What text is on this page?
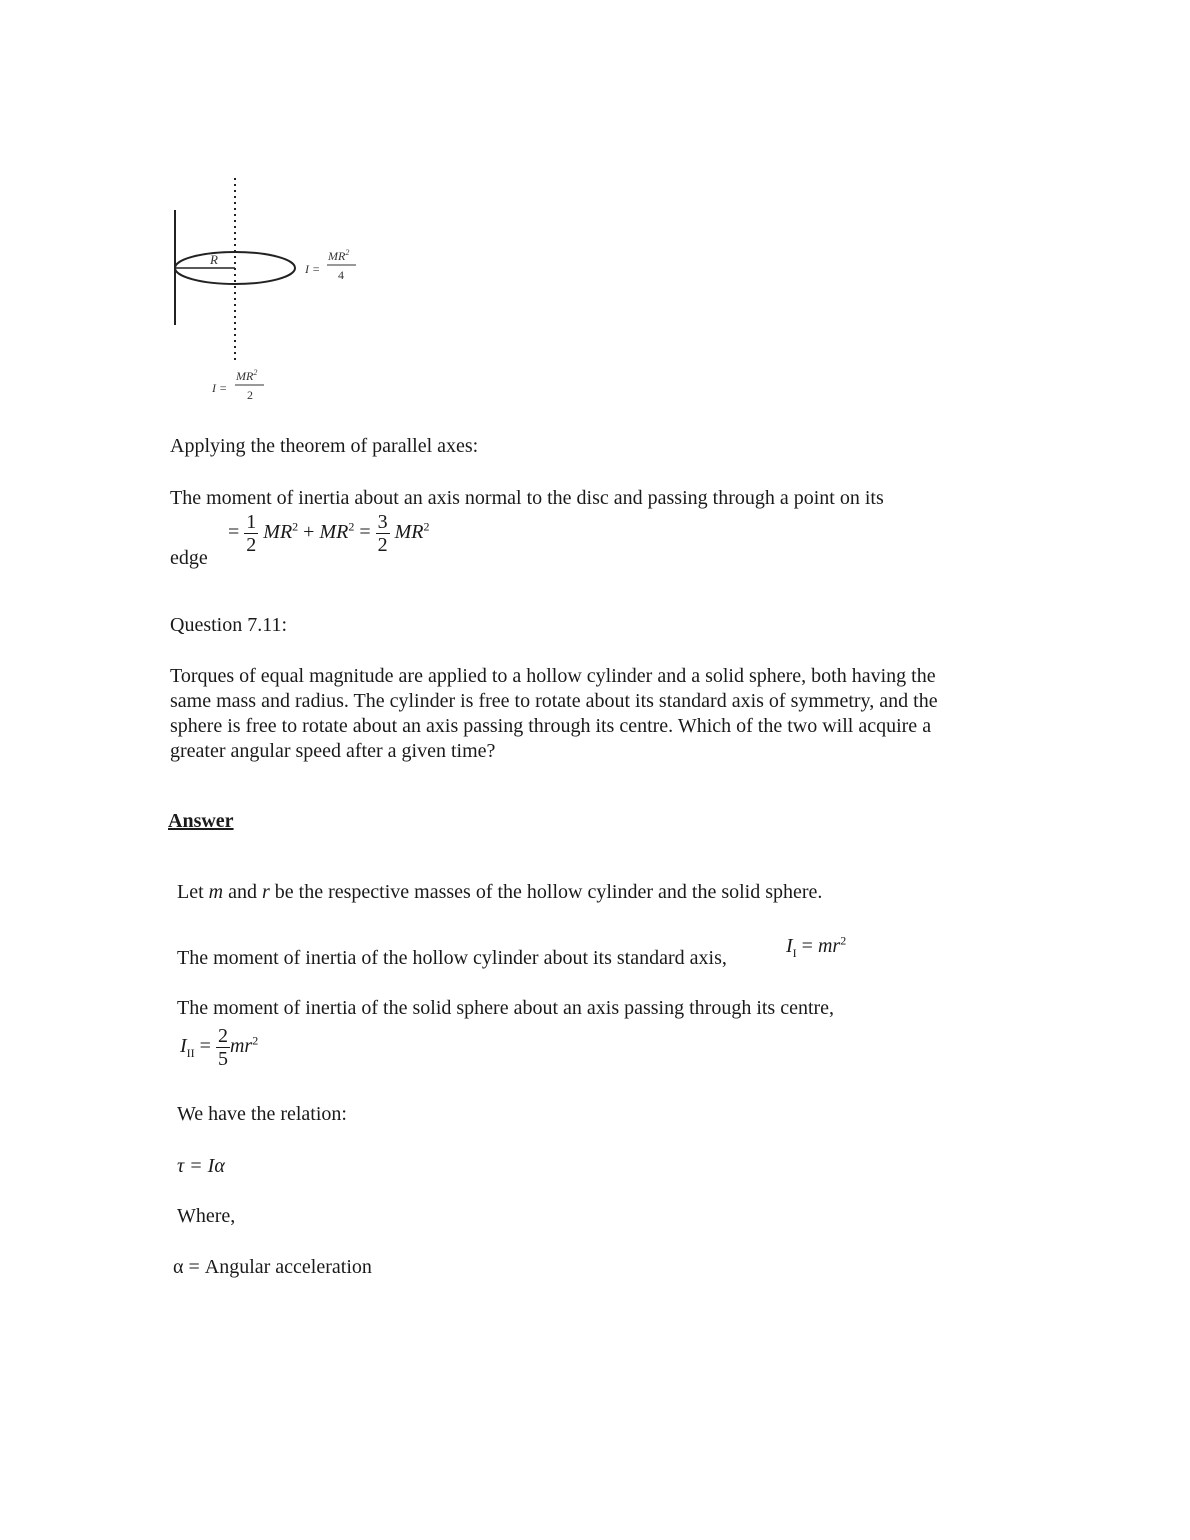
R
I =
$MR^2$
4
I =
$MR^2$
2
Applying the theorem of parallel axes:
The moment of inertia about an axis normal to the disc and passing through a point on its
= $\frac{1}{2} MR^2 + MR^2 = \frac{3}{2} MR^2$
edge
Question 7.11:
Torques of equal magnitude are applied to a hollow cylinder and a solid sphere, both having the same mass and radius. The cylinder is free to rotate about its standard axis of symmetry, and the sphere is free to rotate about an axis passing through its centre. Which of the two will acquire a greater angular speed after a given time?
Answer
Let m and r be the respective masses of the hollow cylinder and the solid sphere.
The moment of inertia of the hollow cylinder about its standard axis,
$I_I = mr^2$
The moment of inertia of the solid sphere about an axis passing through its centre,
$I_{II} = \frac{2}{5} mr^2$
We have the relation:
τ = Iα
Where,
α = Angular acceleration
